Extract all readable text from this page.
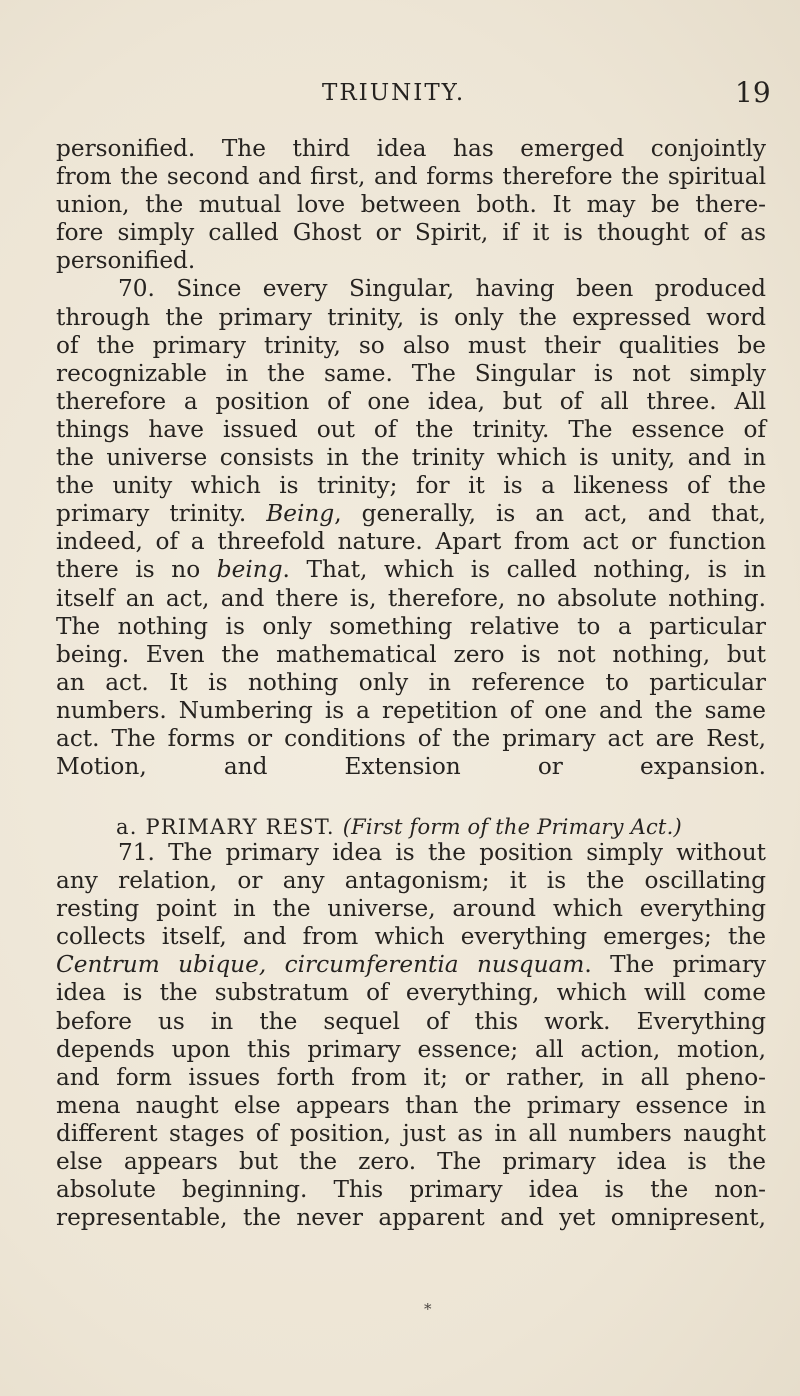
TRIUNITY.	19
personified. The third idea has emerged conjointly
from the second and first, and forms therefore the spiritual
union, the mutual love between both. It may be there-
fore simply called Ghost or Spirit, if it is thought of as
personified.
70. Since every Singular, having been produced
through the primary trinity, is only the expressed word
of the primary trinity, so also must their qualities be
recognizable in the same. The Singular is not simply
therefore a position of one idea, but of all three. All
things have issued out of the trinity. The essence of
the universe consists in the trinity which is unity, and in
the unity which is trinity; for it is a likeness of the
primary trinity. Being, generally, is an act, and that,
indeed, of a threefold nature. Apart from act or function
there is no being. That, which is called nothing, is in
itself an act, and there is, therefore, no absolute nothing.
The nothing is only something relative to a particular
being. Even the mathematical zero is not nothing, but
an act. It is nothing only in reference to particular
numbers. Numbering is a repetition of one and the same
act. The forms or conditions of the primary act are Rest,
Motion, and Extension or expansion.
a. PRIMARY REST. (First form of the Primary Act.)
71. The primary idea is the position simply without
any relation, or any antagonism; it is the oscillating
resting point in the universe, around which everything
collects itself, and from which everything emerges; the
Centrum ubique, circumferentia nusquam. The primary
idea is the substratum of everything, which will come
before us in the sequel of this work. Everything
depends upon this primary essence; all action, motion,
and form issues forth from it; or rather, in all pheno-
mena naught else appears than the primary essence in
different stages of position, just as in all numbers naught
else appears but the zero. The primary idea is the
absolute beginning. This primary idea is the non-
representable, the never apparent and yet omnipresent,
*
